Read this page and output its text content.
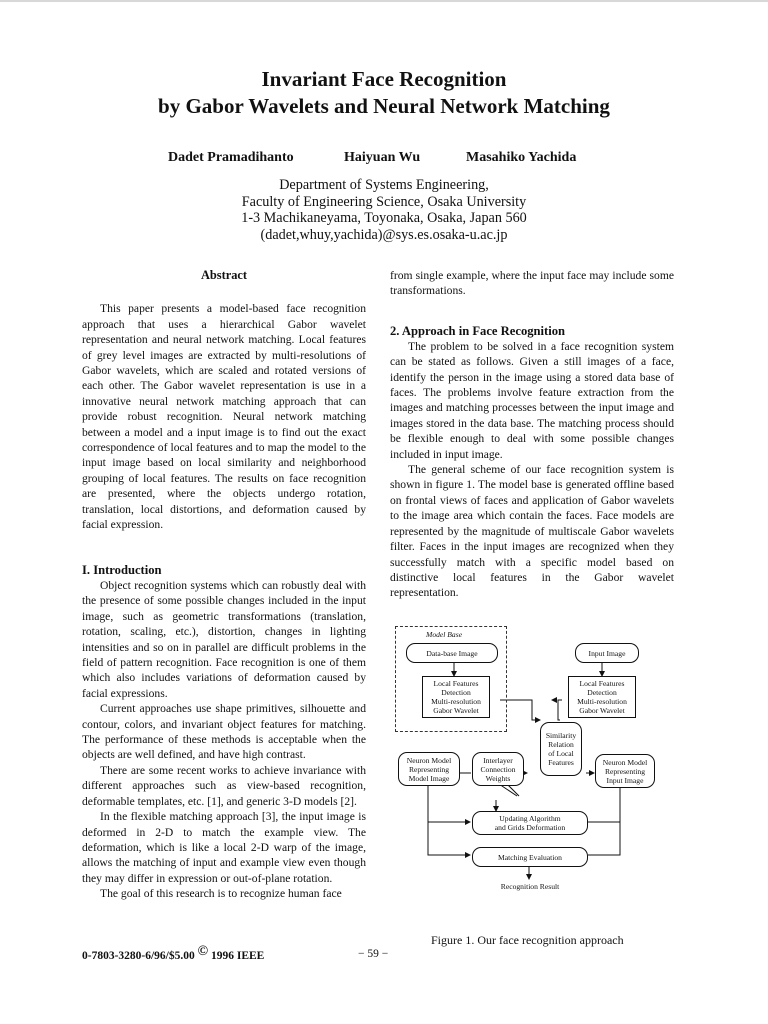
Invariant Face Recognition
by Gabor Wavelets and Neural Network Matching
Dadet Pramadihanto	Haiyuan Wu	Masahiko Yachida
Department of Systems Engineering,
Faculty of Engineering Science, Osaka University
1-3 Machikaneyama, Toyonaka, Osaka, Japan 560
(dadet,whuy,yachida)@sys.es.osaka-u.ac.jp
Abstract

This paper presents a model-based face recognition approach that uses a hierarchical Gabor wavelet representation and neural network matching. Local features of grey level images are extracted by multi-resolutions of Gabor wavelets, which are scaled and rotated versions of each other. The Gabor wavelet representation is use in a innovative neural network matching approach that can provide robust recognition. Neural network matching between a model and a input image is to find out the exact correspondence of local features and to map the model to the input image based on local similarity and neighborhood grouping of local features. The results on face recognition are presented, where the objects undergo rotation, translation, local distortions, and deformation caused by facial expression.

I. Introduction

Object recognition systems which can robustly deal with the presence of some possible changes included in the input image, such as geometric transformations (translation, rotation, scaling, etc.), distortion, changes in lighting intensities and so on in parallel are difficult problems in the field of pattern recognition. Face recognition is one of them which also includes variations of deformation caused by facial expressions.

Current approaches use shape primitives, silhouette and contour, colors, and invariant object features for matching. The performance of these methods is acceptable when the objects are well defined, and have high contrast.

There are some recent works to achieve invariance with different approaches such as view-based recognition, deformable templates, etc. [1], and generic 3-D models [2].

In the flexible matching approach [3], the input image is deformed in 2-D to match the example view. The deformation, which is like a local 2-D warp of the image, allows the matching of input and example view even though they may differ in expression or out-of-plane rotation.

The goal of this research is to recognize human face

from single example, where the input face may include some transformations.

2. Approach in Face Recognition

The problem to be solved in a face recognition system can be stated as follows. Given a still images of a face, identify the person in the image using a stored data base of faces. The problems involve feature extraction from the images and matching processes between the input image and images stored in the data base. The matching process should be flexible enough to deal with some possible changes included in input image.

The general scheme of our face recognition system is shown in figure 1. The model base is generated offline based on frontal views of faces and application of Gabor wavelets to the image area which contain the faces. Face models are represented by the magnitude of multiscale Gabor wavelets filter. Faces in the input images are recognized when they successfully match with a specific model based on distinctive local features in the Gabor wavelet representation.

Model Base
Data-base Image	Input Image
Local Features
Detection
Multi-resolution
Gabor Wavelet
Local Features
Detection
Multi-resolution
Gabor Wavelet
Similarity
Relation
of Local
Features
Neuron Model
Representing
Model Image
Interlayer
Connection
Weights
Neuron Model
Representing
Input Image
Updating Algorithm
and Grids Deformation
Matching Evaluation
Recognition Result
Figure 1. Our face recognition approach
0-7803-3280-6/96/$5.00 © 1996 IEEE	− 59 −
